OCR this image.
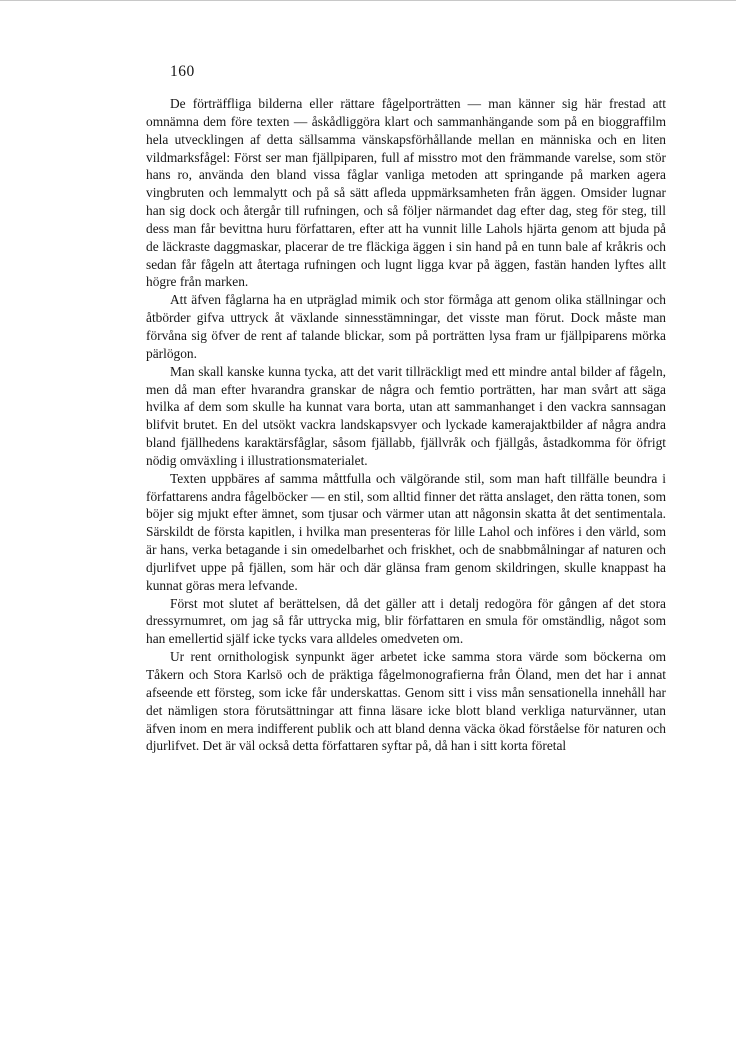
160

De förträffliga bilderna eller rättare fågelporträtten — man känner sig här frestad att omnämna dem före texten — åskådliggöra klart och sammanhängande som på en bioggraffilm hela utvecklingen af detta sällsamma vänskapsförhållande mellan en människa och en liten vildmarksfågel: Först ser man fjällpiparen, full af misstro mot den främmande varelse, som stör hans ro, använda den bland vissa fåglar vanliga metoden att springande på marken agera vingbruten och lemmalytt och på så sätt afleda uppmärksamheten från äggen. Omsider lugnar han sig dock och återgår till rufningen, och så följer närmandet dag efter dag, steg för steg, till dess man får bevittna huru författaren, efter att ha vunnit lille Lahols hjärta genom att bjuda på de läckraste daggmaskar, placerar de tre fläckiga äggen i sin hand på en tunn bale af kråkris och sedan får fågeln att återtaga rufningen och lugnt ligga kvar på äggen, fastän handen lyftes allt högre från marken.

Att äfven fåglarna ha en utpräglad mimik och stor förmåga att genom olika ställningar och åtbörder gifva uttryck åt växlande sinnesstämningar, det visste man förut. Dock måste man förvåna sig öfver de rent af talande blickar, som på porträtten lysa fram ur fjällpiparens mörka pärlögon.

Man skall kanske kunna tycka, att det varit tillräckligt med ett mindre antal bilder af fågeln, men då man efter hvarandra granskar de några och femtio porträtten, har man svårt att säga hvilka af dem som skulle ha kunnat vara borta, utan att sammanhanget i den vackra sannsagan blifvit brutet. En del utsökt vackra landskapsvyer och lyckade kamerajaktbilder af några andra bland fjällhedens karaktärsfåglar, såsom fjällabb, fjällvråk och fjällgås, åstadkomma för öfrigt nödig omväxling i illustrationsmaterialet.

Texten uppbäres af samma måttfulla och välgörande stil, som man haft tillfälle beundra i författarens andra fågelböcker — en stil, som alltid finner det rätta anslaget, den rätta tonen, som böjer sig mjukt efter ämnet, som tjusar och värmer utan att någonsin skatta åt det sentimentala. Särskildt de första kapitlen, i hvilka man presenteras för lille Lahol och införes i den värld, som är hans, verka betagande i sin omedelbarhet och friskhet, och de snabbmålningar af naturen och djurlifvet uppe på fjällen, som här och där glänsa fram genom skildringen, skulle knappast ha kunnat göras mera lefvande.

Först mot slutet af berättelsen, då det gäller att i detalj redogöra för gången af det stora dressyrnumret, om jag så får uttrycka mig, blir författaren en smula för omständlig, något som han emellertid själf icke tycks vara alldeles omedveten om.

Ur rent ornithologisk synpunkt äger arbetet icke samma stora värde som böckerna om Tåkern och Stora Karlsö och de präktiga fågelmonografierna från Öland, men det har i annat afseende ett försteg, som icke får underskattas. Genom sitt i viss mån sensationella innehåll har det nämligen stora förutsättningar att finna läsare icke blott bland verkliga naturvänner, utan äfven inom en mera indifferent publik och att bland denna väcka ökad förståelse för naturen och djurlifvet. Det är väl också detta författaren syftar på, då han i sitt korta företal
